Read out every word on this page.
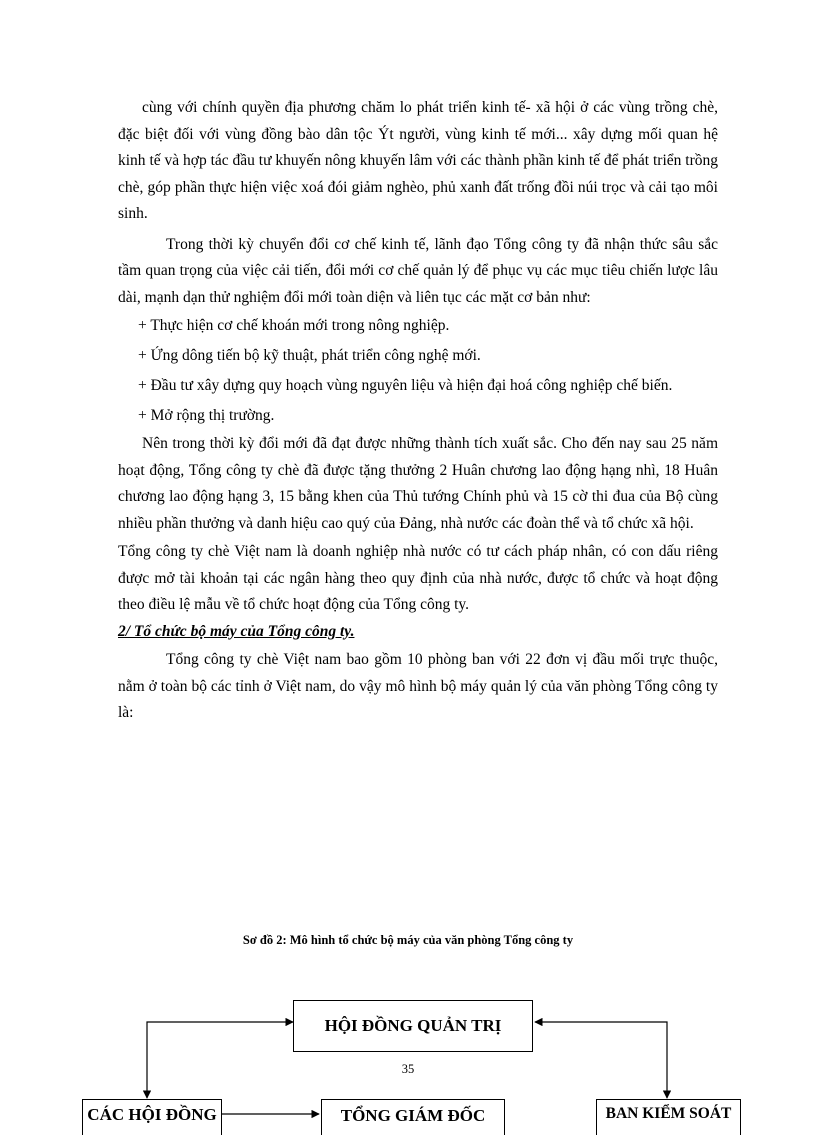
cùng với chính quyền địa phương chăm lo phát triển kinh tế- xã hội ở các vùng trồng chè, đặc biệt đối với vùng đồng bào dân tộc Ýt người, vùng kinh tế mới... xây dựng mối quan hệ kinh tế và hợp tác đầu tư khuyến nông khuyến lâm với các thành phần kinh tế để phát triển trồng chè, góp phần thực hiện việc xoá đói giảm nghèo, phủ xanh đất trống đồi núi trọc và cải tạo môi sinh.

Trong thời kỳ chuyển đổi cơ chế kinh tế, lãnh đạo Tổng công ty đã nhận thức sâu sắc tầm quan trọng của việc cải tiến, đổi mới cơ chế quản lý để phục vụ các mục tiêu chiến lược lâu dài, mạnh dạn thử nghiệm đổi mới toàn diện và liên tục các mặt cơ bản như:

+ Thực hiện cơ chế khoán mới trong nông nghiệp.

+ Ứng dông tiến bộ kỹ thuật, phát triển công nghệ mới.

+ Đầu tư xây dựng quy hoạch vùng nguyên liệu và hiện đại hoá công nghiệp chế biến.

+ Mở rộng thị trường.

Nên trong thời kỳ đổi mới đã đạt được những thành tích xuất sắc. Cho đến nay sau 25 năm hoạt động, Tổng công ty chè đã được tặng thưởng 2 Huân chương lao động hạng nhì, 18 Huân chương lao động hạng 3, 15 bằng khen của Thủ tướng Chính phủ và 15 cờ thi đua của Bộ cùng nhiều phần thưởng và danh hiệu cao quý của Đảng, nhà nước các đoàn thể và tổ chức xã hội.

Tổng công ty chè Việt nam là doanh nghiệp nhà nước có tư cách pháp nhân, có con dấu riêng được mở tài khoản tại các ngân hàng theo quy định của nhà nước, được tổ chức và hoạt động theo điều lệ mẫu về tổ chức hoạt động của Tổng công ty.

2/ Tổ chức bộ máy của Tổng công ty.

Tổng công ty chè Việt nam bao gồm 10 phòng ban với 22 đơn vị đầu mối trực thuộc, nằm ở toàn bộ các tỉnh ở Việt nam, do vậy mô hình bộ máy quản lý của văn phòng Tổng công ty là:

Sơ đồ 2: Mô hình tổ chức bộ máy của văn phòng Tổng công ty
HỘI ĐỒNG QUẢN TRỊ
35
CÁC HỘI ĐỒNG	TỔNG GIÁM ĐỐC	BAN KIỂM SOÁT
